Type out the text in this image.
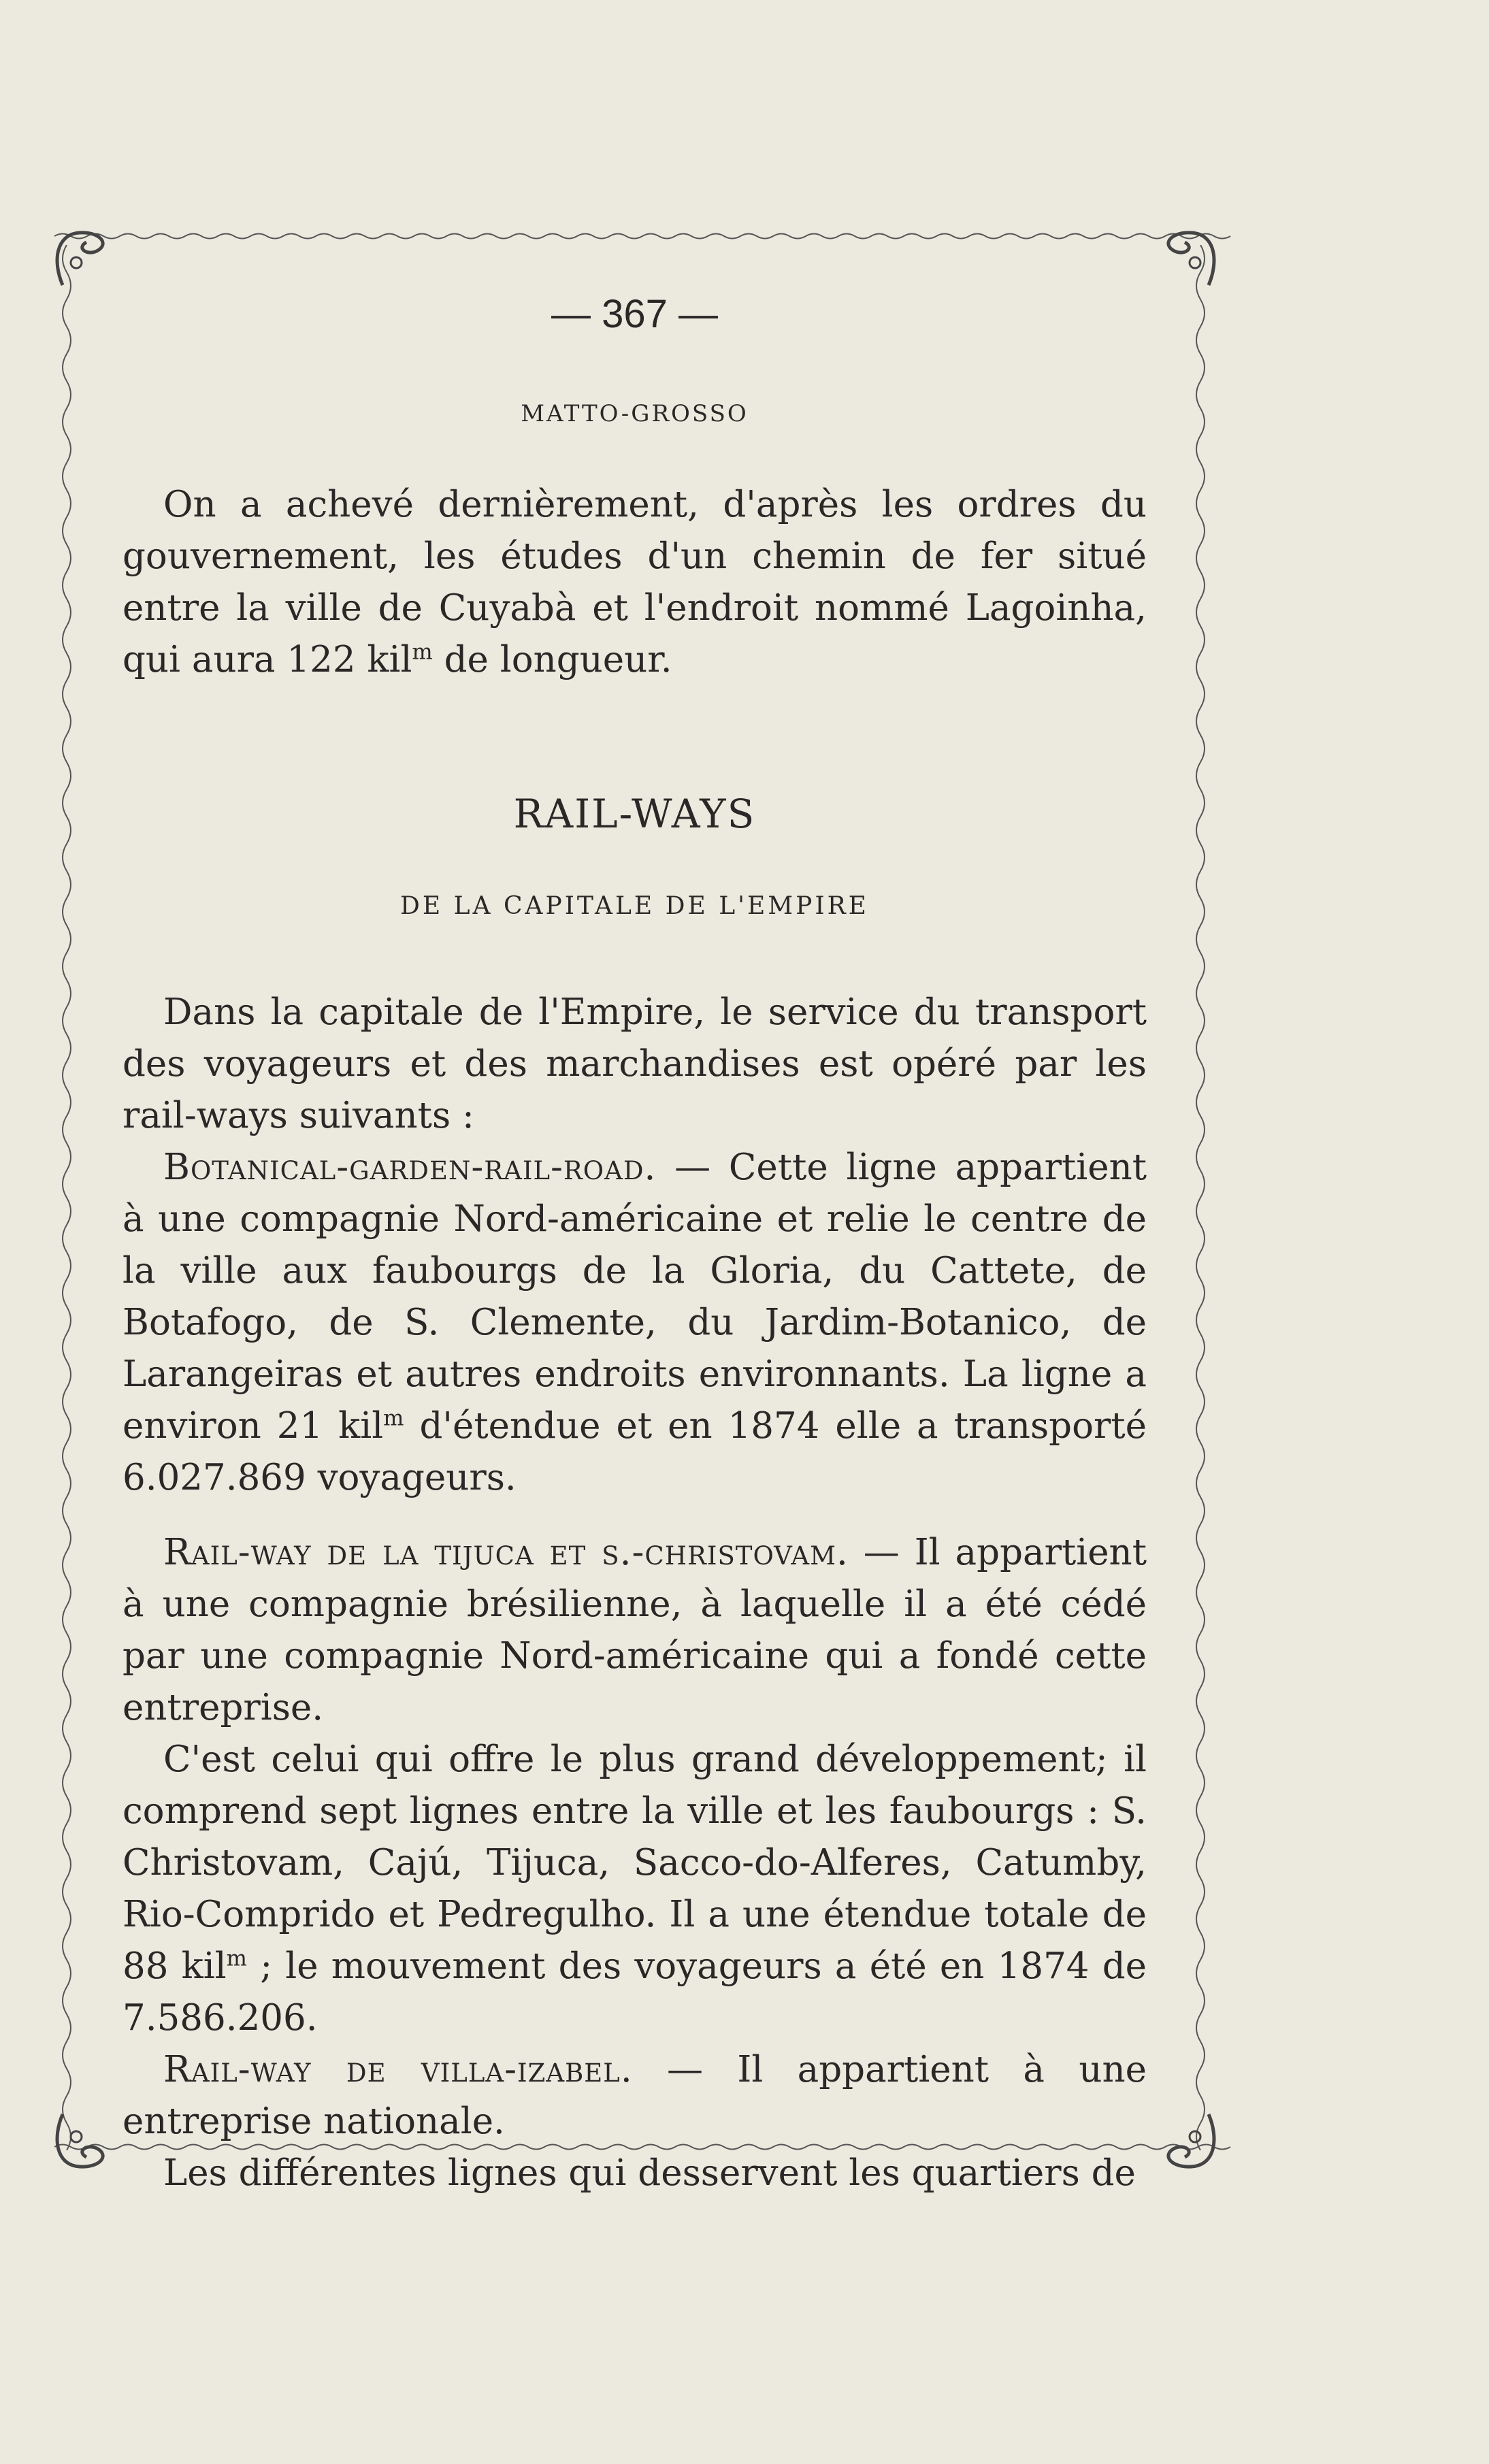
— 367 —
MATTO-GROSSO

On a achevé dernièrement, d'après les ordres du gouvernement, les études d'un chemin de fer situé entre la ville de Cuyabà et l'endroit nommé Lagoinha, qui aura 122 kil$^m$ de longueur.

RAIL-WAYS
DE LA CAPITALE DE L'EMPIRE

Dans la capitale de l'Empire, le service du transport des voyageurs et des marchandises est opéré par les rail-ways suivants :

Botanical-garden-rail-road. — Cette ligne appartient à une compagnie Nord-américaine et relie le centre de la ville aux faubourgs de la Gloria, du Cattete, de Botafogo, de S. Clemente, du Jardim-Botanico, de Larangeiras et autres endroits environnants. La ligne a environ 21 kil$^m$ d'étendue et en 1874 elle a transporté 6.027.869 voyageurs.

Rail-way de la tijuca et s.-christovam. — Il appartient à une compagnie brésilienne, à laquelle il a été cédé par une compagnie Nord-américaine qui a fondé cette entreprise.

C'est celui qui offre le plus grand développement; il comprend sept lignes entre la ville et les faubourgs : S. Christovam, Cajú, Tijuca, Sacco-do-Alferes, Catumby, Rio-Comprido et Pedregulho. Il a une étendue totale de 88 kil$^m$ ; le mouvement des voyageurs a été en 1874 de 7.586.206.

Rail-way de villa-izabel. — Il appartient à une entreprise nationale.

Les différentes lignes qui desservent les quartiers de
